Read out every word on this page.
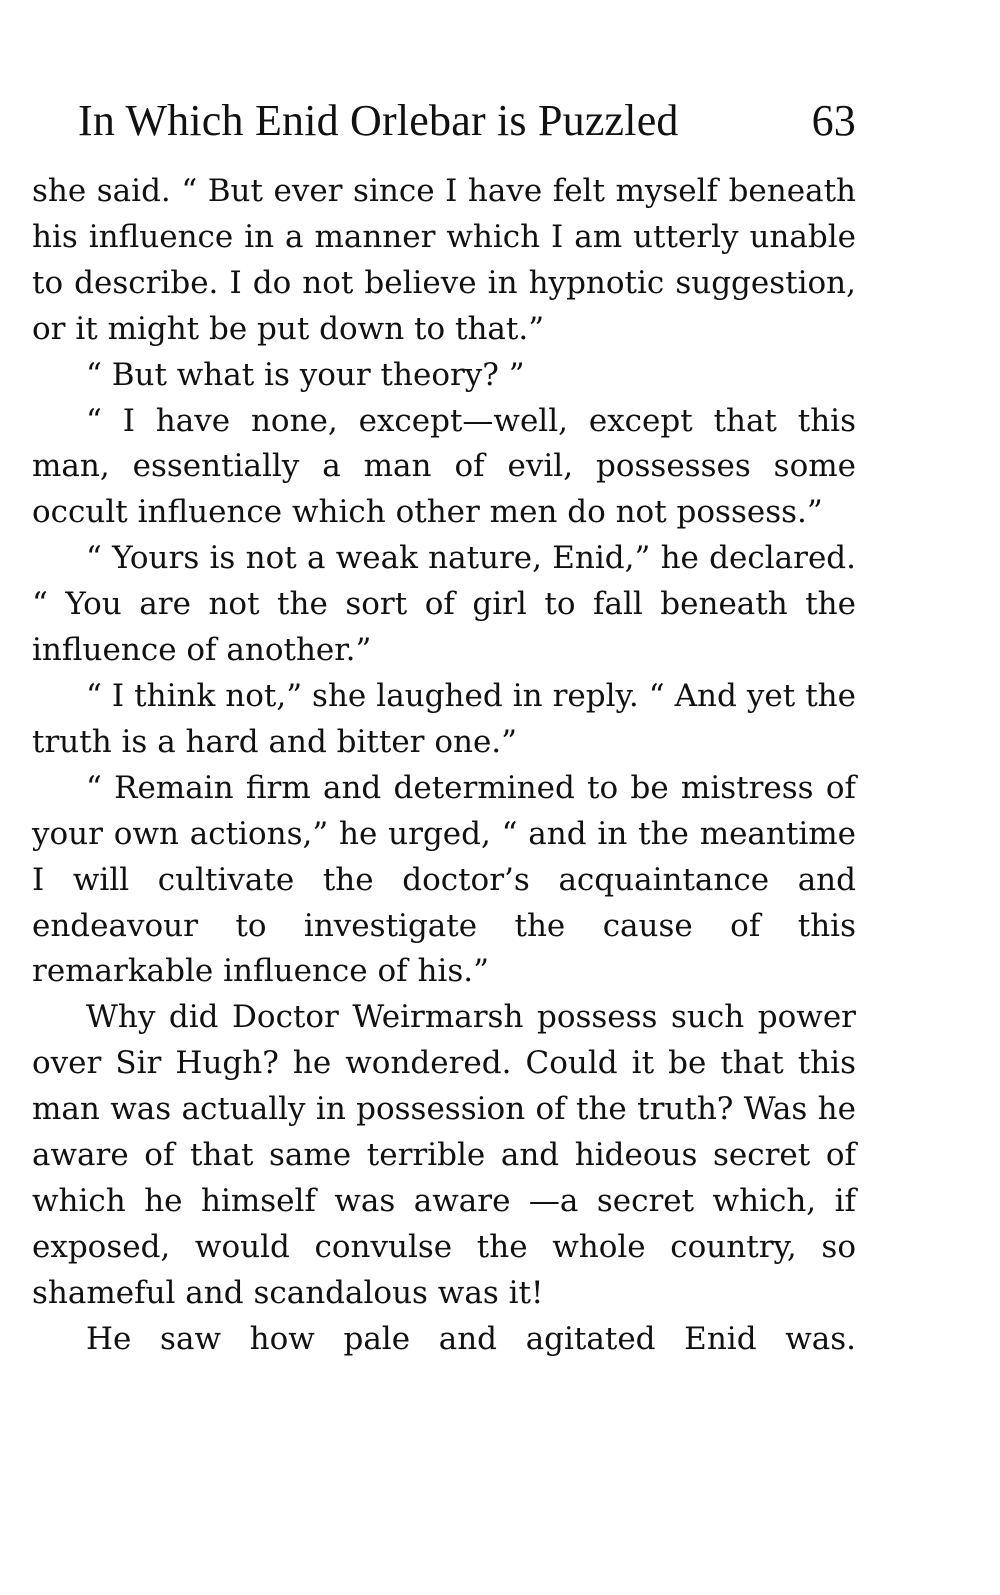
In Which Enid Orlebar is Puzzled	63

she said. “ But ever since I have felt myself beneath his influence in a manner which I am utterly unable to describe. I do not believe in hypnotic suggestion, or it might be put down to that.”

“ But what is your theory? ”

“ I have none, except—well, except that this man, essentially a man of evil, possesses some occult influence which other men do not possess.”

“ Yours is not a weak nature, Enid,” he declared. “ You are not the sort of girl to fall beneath the influence of another.”

“ I think not,” she laughed in reply. “ And yet the truth is a hard and bitter one.”

“ Remain firm and determined to be mistress of your own actions,” he urged, “ and in the meantime I will cultivate the doctor’s acquaintance and endeavour to investigate the cause of this remarkable influence of his.”

Why did Doctor Weirmarsh possess such power over Sir Hugh? he wondered. Could it be that this man was actually in possession of the truth? Was he aware of that same terrible and hideous secret of which he himself was aware —a secret which, if exposed, would convulse the whole country, so shameful and scandalous was it!

He saw how pale and agitated Enid was.
